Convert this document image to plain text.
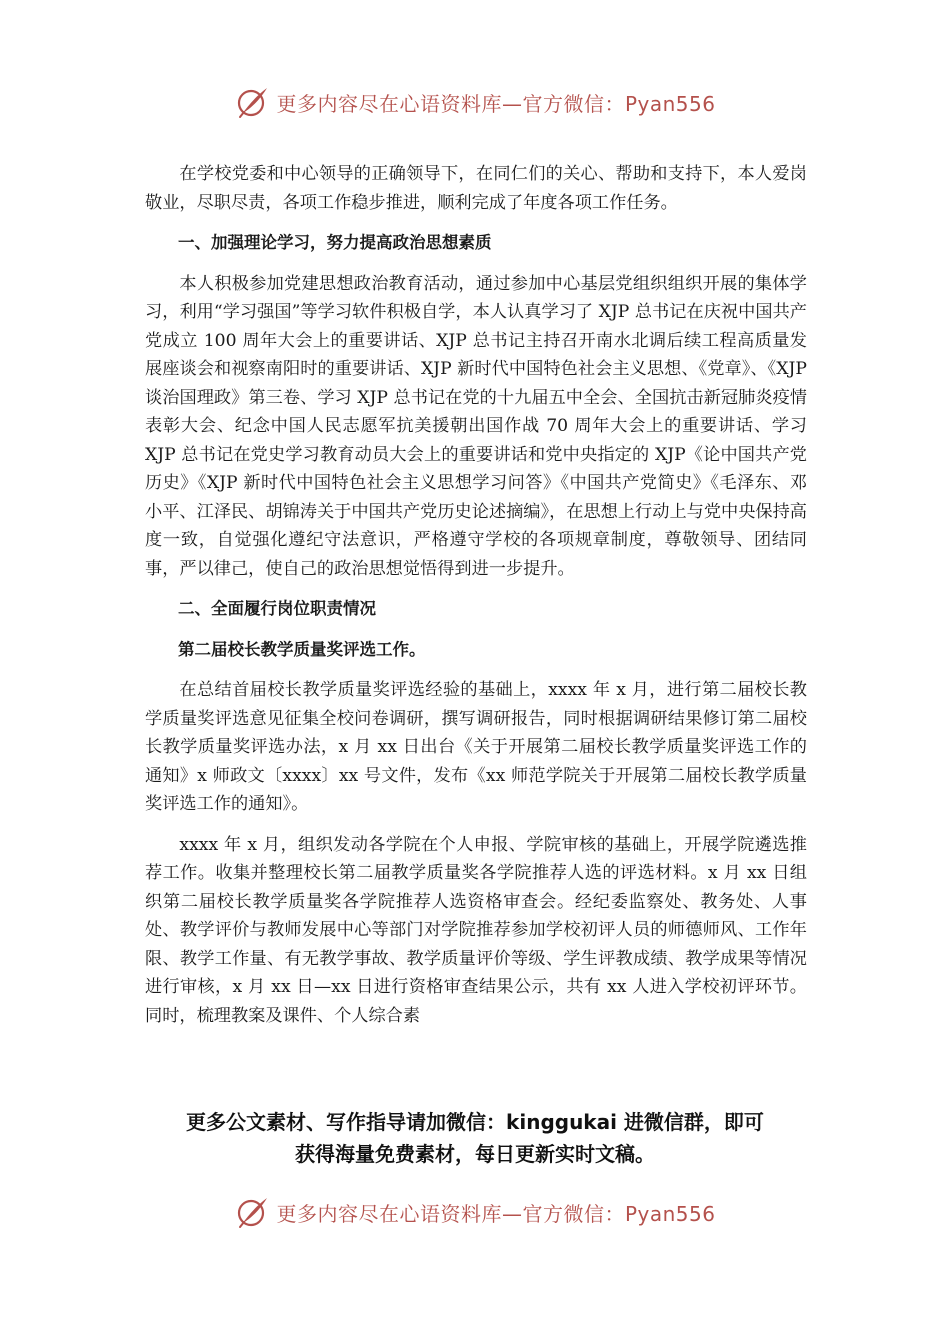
更多内容尽在心语资料库—官方微信：Pyan556

在学校党委和中心领导的正确领导下，在同仁们的关心、帮助和支持下，本人爱岗敬业，尽职尽责，各项工作稳步推进，顺利完成了年度各项工作任务。

一、加强理论学习，努力提高政治思想素质

本人积极参加党建思想政治教育活动，通过参加中心基层党组织组织开展的集体学习，利用“学习强国”等学习软件积极自学，本人认真学习了 XJP 总书记在庆祝中国共产党成立 100 周年大会上的重要讲话、XJP 总书记主持召开南水北调后续工程高质量发展座谈会和视察南阳时的重要讲话、XJP 新时代中国特色社会主义思想、《党章》、《XJP 谈治国理政》第三卷、学习 XJP 总书记在党的十九届五中全会、全国抗击新冠肺炎疫情表彰大会、纪念中国人民志愿军抗美援朝出国作战 70 周年大会上的重要讲话、学习 XJP 总书记在党史学习教育动员大会上的重要讲话和党中央指定的 XJP《论中国共产党历史》《XJP 新时代中国特色社会主义思想学习问答》《中国共产党简史》《毛泽东、邓小平、江泽民、胡锦涛关于中国共产党历史论述摘编》，在思想上行动上与党中央保持高度一致，自觉强化遵纪守法意识，严格遵守学校的各项规章制度，尊敬领导、团结同事，严以律己，使自己的政治思想觉悟得到进一步提升。

二、全面履行岗位职责情况
第二届校长教学质量奖评选工作。

在总结首届校长教学质量奖评选经验的基础上，xxxx 年 x 月，进行第二届校长教学质量奖评选意见征集全校问卷调研，撰写调研报告，同时根据调研结果修订第二届校长教学质量奖评选办法，x 月 xx 日出台《关于开展第二届校长教学质量奖评选工作的通知》x 师政文〔xxxx〕xx 号文件，发布《xx 师范学院关于开展第二届校长教学质量奖评选工作的通知》。

xxxx 年 x 月，组织发动各学院在个人申报、学院审核的基础上，开展学院遴选推荐工作。收集并整理校长第二届教学质量奖各学院推荐人选的评选材料。x 月 xx 日组织第二届校长教学质量奖各学院推荐人选资格审查会。经纪委监察处、教务处、人事处、教学评价与教师发展中心等部门对学院推荐参加学校初评人员的师德师风、工作年限、教学工作量、有无教学事故、教学质量评价等级、学生评教成绩、教学成果等情况进行审核，x 月 xx 日—xx 日进行资格审查结果公示，共有 xx 人进入学校初评环节。同时，梳理教案及课件、个人综合素

更多公文素材、写作指导请加微信：kinggukai 进微信群，即可
获得海量免费素材，每日更新实时文稿。
更多内容尽在心语资料库—官方微信：Pyan556
